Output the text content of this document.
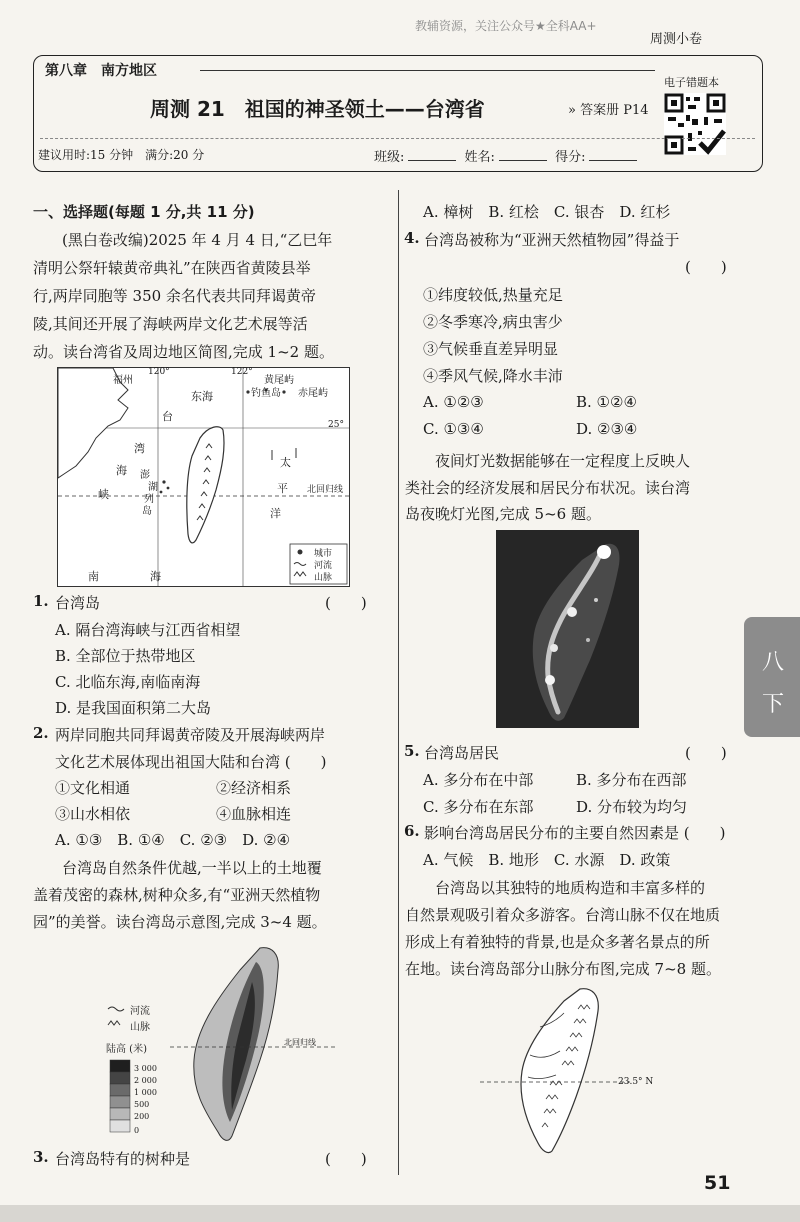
教辅资源，关注公众号★全科AA+
周测小卷
第八章　南方地区
周测 21　祖国的神圣领土——台湾省	» 答案册 P14
电子错题本
建议用时:15 分钟　满分:20 分	班级:	姓名:	得分:
一、选择题(每题 1 分,共 11 分)
(黑白卷改编)2025 年 4 月 4 日,“乙巳年
清明公祭轩辕黄帝典礼”在陕西省黄陵县举
行,两岸同胞等 350 余名代表共同拜谒黄帝
陵,其间还开展了海峡两岸文化艺术展等活
动。读台湾省及周边地区简图,完成 1~2 题。
福州
120°	122°
25°
黄尾屿
钓鱼岛 赤尾屿
东海
台
湾
海
峡
澎
湖
列
岛
太
平
洋
北回归线
南	海
城市
河流
山脉
1. 台湾岛	(　　)
A. 隔台湾海峡与江西省相望
B. 全部位于热带地区
C. 北临东海,南临南海
D. 是我国面积第二大岛
2. 两岸同胞共同拜谒黄帝陵及开展海峡两岸
文化艺术展体现出祖国大陆和台湾 (　　)
①文化相通	②经济相系
③山水相依	④血脉相连
A. ①③　B. ①④　C. ②③　D. ②④
台湾岛自然条件优越,一半以上的土地覆
盖着茂密的森林,树种众多,有“亚洲天然植物
园”的美誉。读台湾岛示意图,完成 3~4 题。
河流
山脉
陆高 (米)
北回归线
3 000
2 000
1 000
500
200
0
3. 台湾岛特有的树种是	(　　)
A. 樟树　B. 红桧　C. 银杏　D. 红杉
4. 台湾岛被称为“亚洲天然植物园”得益于
(　　)
①纬度较低,热量充足
②冬季寒冷,病虫害少
③气候垂直差异明显
④季风气候,降水丰沛
A. ①②③	B. ①②④
C. ①③④	D. ②③④
夜间灯光数据能够在一定程度上反映人
类社会的经济发展和居民分布状况。读台湾
岛夜晚灯光图,完成 5~6 题。
5. 台湾岛居民	(　　)
A. 多分布在中部	B. 多分布在西部
C. 多分布在东部	D. 分布较为均匀
6. 影响台湾岛居民分布的主要自然因素是 (　　)
A. 气候　B. 地形　C. 水源　D. 政策
台湾岛以其独特的地质构造和丰富多样的
自然景观吸引着众多游客。台湾山脉不仅在地质
形成上有着独特的背景,也是众多著名景点的所
在地。读台湾岛部分山脉分布图,完成 7~8 题。
23.5° N
八
下
51
